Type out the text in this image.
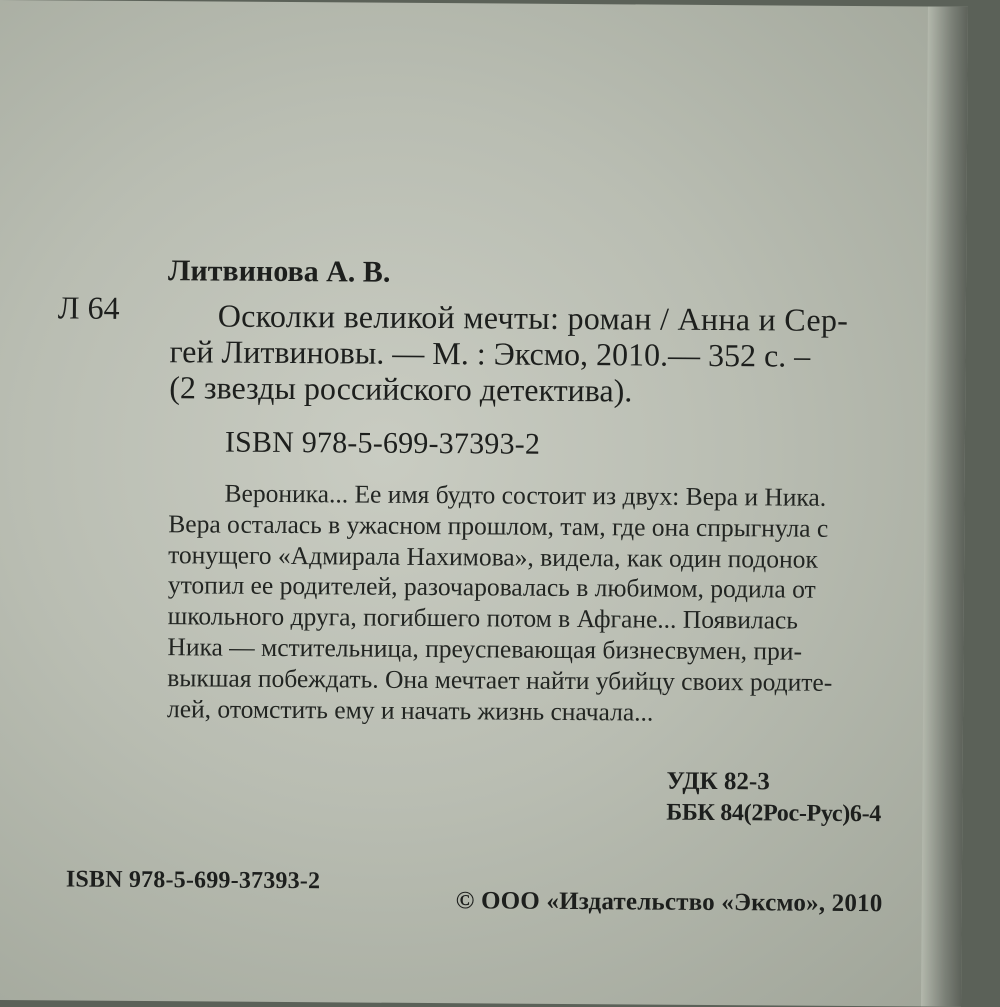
Литвинова А. В.
Л 64	Осколки великой мечты: роман / Анна и Сер-
гей Литвиновы. — М. : Эксмо, 2010.— 352 с. –
(2 звезды российского детектива).
ISBN 978-5-699-37393-2
Вероника... Ее имя будто состоит из двух: Вера и Ника.
Вера осталась в ужасном прошлом, там, где она спрыгнула с
тонущего «Адмирала Нахимова», видела, как один подонок
утопил ее родителей, разочаровалась в любимом, родила от
школьного друга, погибшего потом в Афгане... Появилась
Ника — мстительница, преуспевающая бизнесвумен, при-
выкшая побеждать. Она мечтает найти убийцу своих родите-
лей, отомстить ему и начать жизнь сначала...
УДК 82-3
ББК 84(2Рос-Рус)6-4
ISBN 978-5-699-37393-2
© ООО «Издательство «Эксмо», 2010
